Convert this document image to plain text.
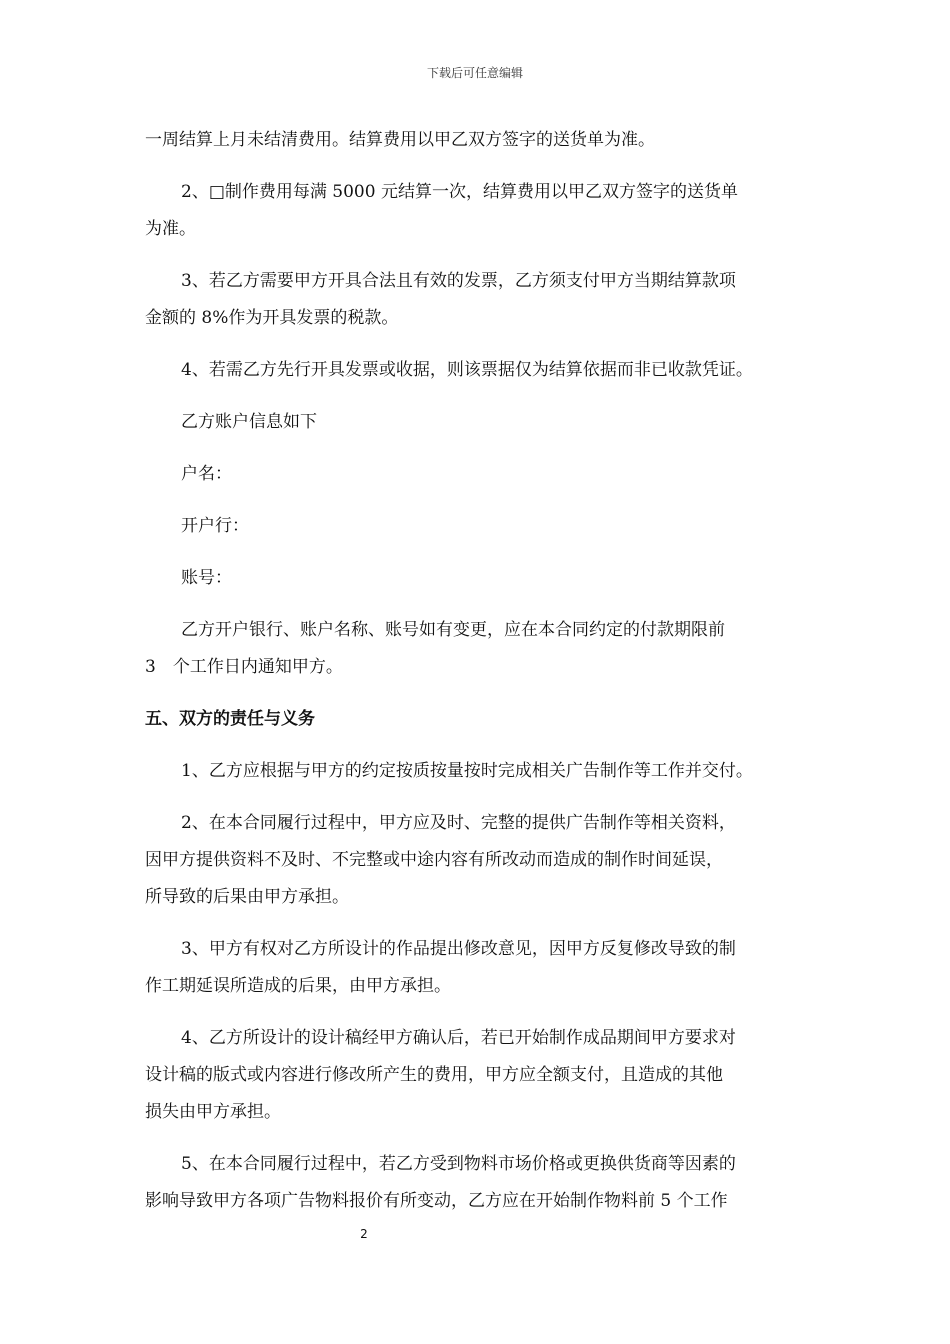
下载后可任意编辑
一周结算上月未结清费用。结算费用以甲乙双方签字的送货单为准。
2、□制作费用每满 5000 元结算一次，结算费用以甲乙双方签字的送货单
为准。
3、若乙方需要甲方开具合法且有效的发票，乙方须支付甲方当期结算款项
金额的 8%作为开具发票的税款。
4、若需乙方先行开具发票或收据，则该票据仅为结算依据而非已收款凭证。
乙方账户信息如下
户名：
开户行：
账号：
乙方开户银行、账户名称、账号如有变更，应在本合同约定的付款期限前
3　个工作日内通知甲方。
五、双方的责任与义务
1、乙方应根据与甲方的约定按质按量按时完成相关广告制作等工作并交付。
2、在本合同履行过程中，甲方应及时、完整的提供广告制作等相关资料，
因甲方提供资料不及时、不完整或中途内容有所改动而造成的制作时间延误，
所导致的后果由甲方承担。
3、甲方有权对乙方所设计的作品提出修改意见，因甲方反复修改导致的制
作工期延误所造成的后果，由甲方承担。
4、乙方所设计的设计稿经甲方确认后，若已开始制作成品期间甲方要求对
设计稿的版式或内容进行修改所产生的费用，甲方应全额支付，且造成的其他
损失由甲方承担。
5、在本合同履行过程中，若乙方受到物料市场价格或更换供货商等因素的
影响导致甲方各项广告物料报价有所变动，乙方应在开始制作物料前 5 个工作
2
